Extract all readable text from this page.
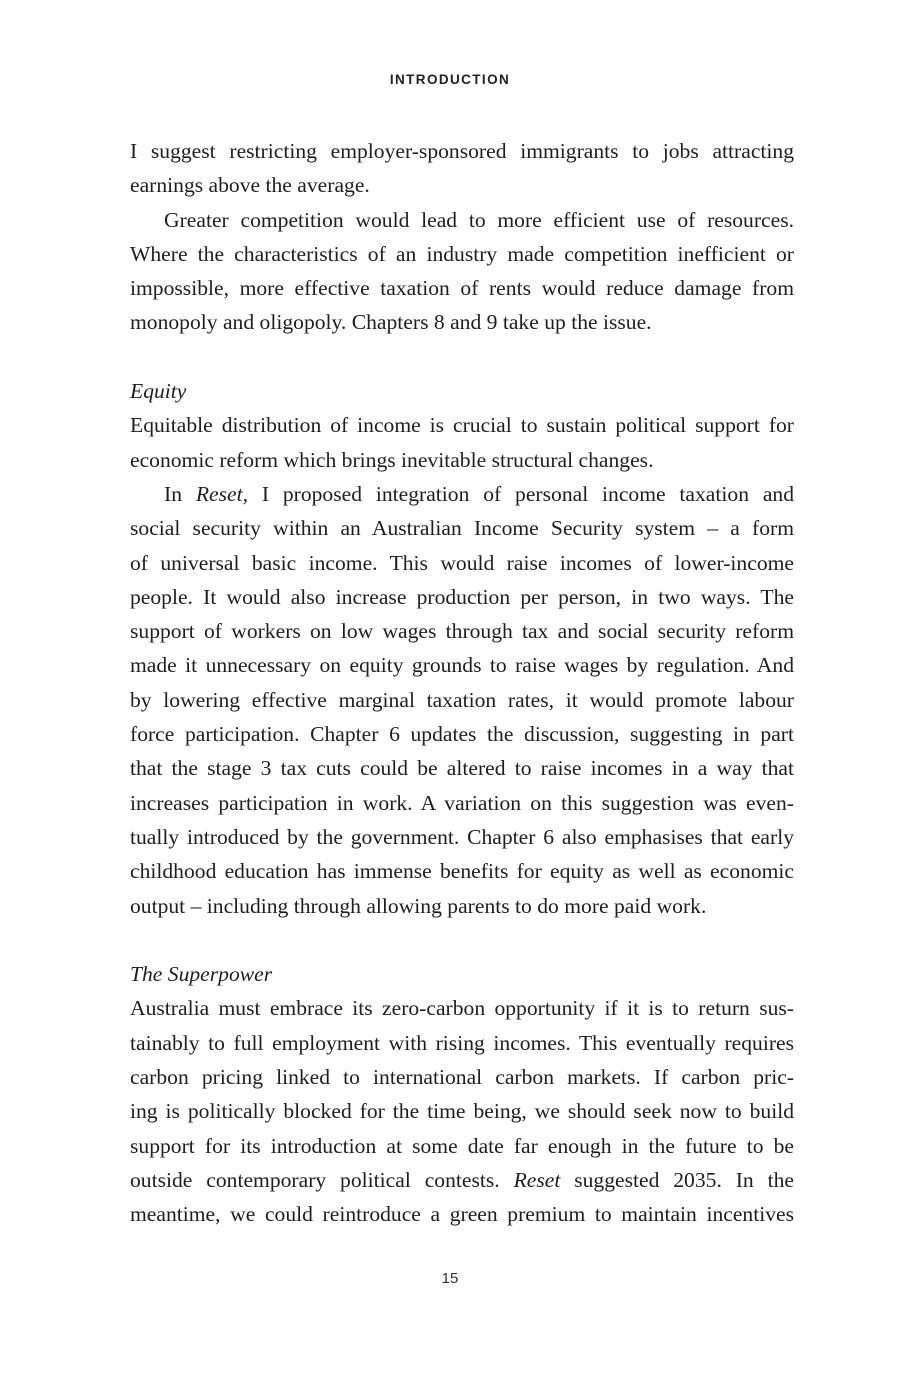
INTRODUCTION
I suggest restricting employer-sponsored immigrants to jobs attracting
earnings above the average.
Greater competition would lead to more efficient use of resources.
Where the characteristics of an industry made competition inefficient or
impossible, more effective taxation of rents would reduce damage from
monopoly and oligopoly. Chapters 8 and 9 take up the issue.
Equity
Equitable distribution of income is crucial to sustain political support for
economic reform which brings inevitable structural changes.
In Reset, I proposed integration of personal income taxation and
social security within an Australian Income Security system – a form
of universal basic income. This would raise incomes of lower-income
people. It would also increase production per person, in two ways. The
support of workers on low wages through tax and social security reform
made it unnecessary on equity grounds to raise wages by regulation. And
by lowering effective marginal taxation rates, it would promote labour
force participation. Chapter 6 updates the discussion, suggesting in part
that the stage 3 tax cuts could be altered to raise incomes in a way that
increases participation in work. A variation on this suggestion was even-
tually introduced by the government. Chapter 6 also emphasises that early
childhood education has immense benefits for equity as well as economic
output – including through allowing parents to do more paid work.
The Superpower
Australia must embrace its zero-carbon opportunity if it is to return sus-
tainably to full employment with rising incomes. This eventually requires
carbon pricing linked to international carbon markets. If carbon pric-
ing is politically blocked for the time being, we should seek now to build
support for its introduction at some date far enough in the future to be
outside contemporary political contests. Reset suggested 2035. In the
meantime, we could reintroduce a green premium to maintain incentives
15
